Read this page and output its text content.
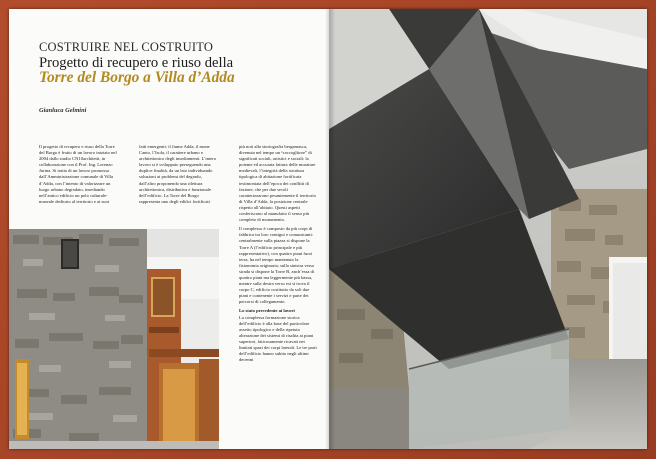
COSTRUIRE NEL COSTRUITO
Progetto di recupero e riuso della
Torre del Borgo a Villa d’Adda
Gianluca Gelmini

Il progetto di recupero e riuso della Torre del Borgo è frutto di un lavoro iniziato nel 2004 dallo studio CN10architetti, in collaborazione con il Prof. Ing. Lorenzo Jurina. Si tratta di un lavoro promosso dall’Amministrazione comunale di Villa d’Adda, con l’intento di valorizzare un luogo urbano degradato, insediando nell’antico edificio un polo culturale-museale dedicato al territorio e ai suoi

fatti emergenti: il fiume Adda, il mone Canto, l’Isola, il carattere urbano e architettonico degli insediamenti. L’intero lavoro si è sviluppato perseguendo una duplice finalità, da un lato individuando soluzioni ai problemi del degrado, dall’altro proponendo una rilettura architettonica, distributiva e funzionale dell’edificio. La Torre del Borgo rappresenta uno degli edifici fortificati

più noti alla storiografia bergamasca, divenuta nel tempo un “raccoglitore” di significati sociali, artistici e sociali: la potente ed accurata fattura delle murature medievali, l’integrità della struttura tipologica di abitazione fortificata testimoniata dell’epoca dei conflitti di fazione, che per due secoli caratterizzarono pesantemente il territorio di Villa d’Adda, la posizione centrale rispetto all’abitato. Questi aspetti conferiscono al manufatto il senso più completo di monumento.

Il complesso è composto da più corpi di fabbrica tra loro contigui e comunicanti: centralmente sulla piazza si dispone la Torre A (l’edificio principale e più rappresentativo), con quattro piani fuori terra, ha nel tempo mantenuto la fisionomia originaria; sulla sinistra verso strada si dispone la Torre B, anch’essa di quattro piani ma leggermente più bassa, mentre sulla destra verso est si trova il corpo C, edificio costituito da soli due piani e contenente i servizi e parte dei percorsi di collegamento.

Lo stato precedente ai lavori

La complessa formazione storica dell’edificio è alla base del particolare assetto tipologico e della ripetuta alterazione dei sistemi di risalita ai piani superiori, faticosamente ricavati nei limitati spazi dei corpi laterali. Le tre parti dell’edificio hanno subito negli ultimi decenni
